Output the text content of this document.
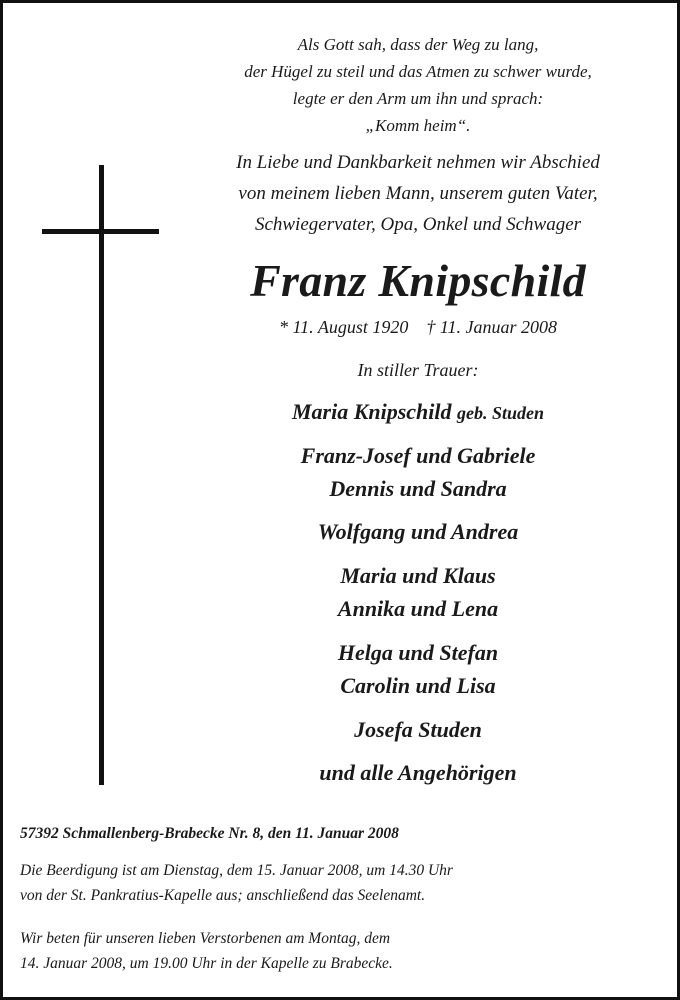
Als Gott sah, dass der Weg zu lang,
der Hügel zu steil und das Atmen zu schwer wurde,
legte er den Arm um ihn und sprach:
„Komm heim“.
In Liebe und Dankbarkeit nehmen wir Abschied
von meinem lieben Mann, unserem guten Vater,
Schwiegervater, Opa, Onkel und Schwager
Franz Knipschild
* 11. August 1920 † 11. Januar 2008
In stiller Trauer:
Maria Knipschild geb. Studen
Franz-Josef und Gabriele
Dennis und Sandra
Wolfgang und Andrea
Maria und Klaus
Annika und Lena
Helga und Stefan
Carolin und Lisa
Josefa Studen
und alle Angehörigen
57392 Schmallenberg-Brabecke Nr. 8, den 11. Januar 2008
Die Beerdigung ist am Dienstag, dem 15. Januar 2008, um 14.30 Uhr
von der St. Pankratius-Kapelle aus; anschließend das Seelenamt.
Wir beten für unseren lieben Verstorbenen am Montag, dem
14. Januar 2008, um 19.00 Uhr in der Kapelle zu Brabecke.
